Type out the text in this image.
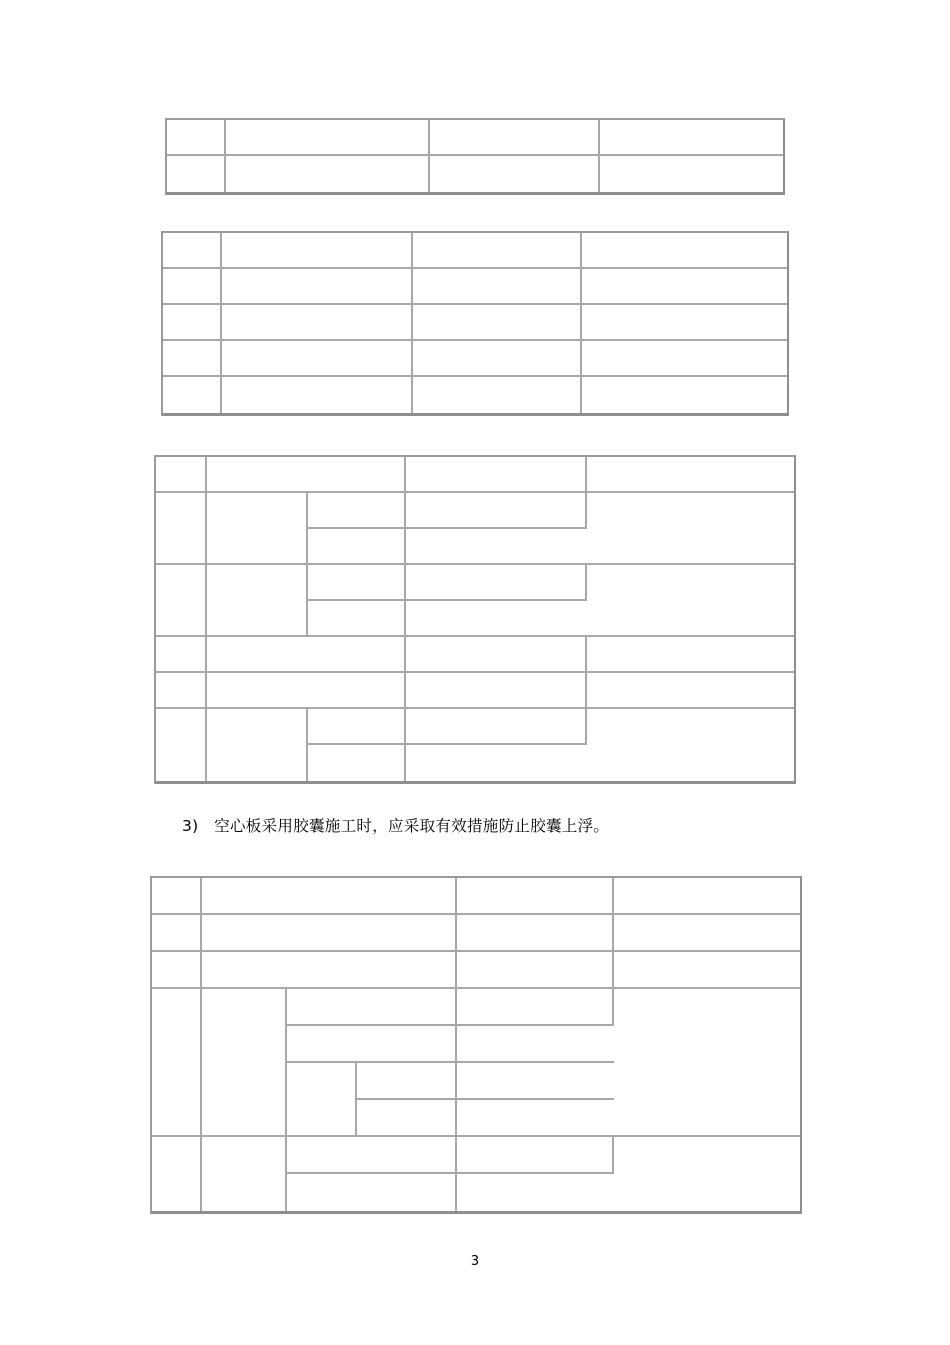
3) 空心板采用胶囊施工时，应采取有效措施防止胶囊上浮。

3
